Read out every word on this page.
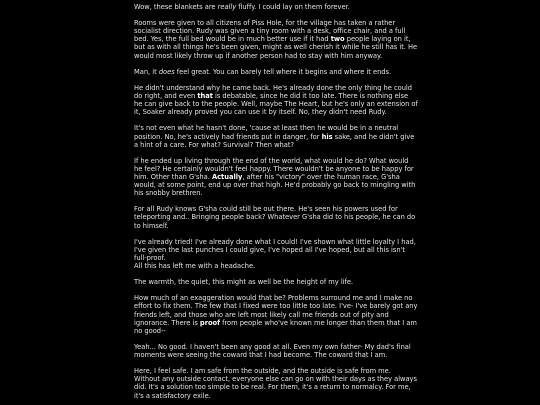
Wow, these blankets are really fluffy. I could lay on them forever.

Rooms were given to all citizens of Piss Hole, for the village has taken a rather socialist direction. Rudy was given a tiny room with a desk, office chair, and a full bed. Yes, the full bed would be in much better use if it had two people laying on it, but as with all things he's been given, might as well cherish it while he still has it. He would most likely throw up if another person had to stay with him anyway.

Man, it does feel great. You can barely tell where it begins and where it ends.

He didn't understand why he came back. He's already done the only thing he could do right, and even that is debatable, since he did it too late. There is nothing else he can give back to the people. Well, maybe The Heart, but he's only an extension of it, Soaker already proved you can use it by itself. No, they didn't need Rudy.

It's not even what he hasn't done, 'cause at least then he would be in a neutral position. No, he's actively had friends put in danger, for his sake, and he didn't give a hint of a care. For what? Survival? Then what?

If he ended up living through the end of the world, what would he do? What would he feel? He certainly wouldn't feel happy. There wouldn't be anyone to be happy for him. Other than G'sha. Actually, after his "victory" over the human race, G'sha would, at some point, end up over that high. He'd probably go back to mingling with his snobby brethren.

For all Rudy knows G'sha could still be out there. He's seen his powers used for teleporting and.. Bringing people back? Whatever G'sha did to his people, he can do to himself.

I've already tried! I've already done what I could! I've shown what little loyalty I had, I've given the last punches I could give, I've hoped all I've hoped, but all this isn't full-proof.
All this has left me with a headache.

The warmth, the quiet, this might as well be the height of my life.

How much of an exaggeration would that be? Problems surround me and I make no effort to fix them. The few that I fixed were too little too late. I've- I've barely got any friends left, and those who are left most likely call me friends out of pity and ignorance. There is proof from people who've known me longer than them that I am no good--

Yeah... No good. I haven't been any good at all. Even my own father- My dad's final moments were seeing the coward that I had become. The coward that I am.

Here, I feel safe. I am safe from the outside, and the outside is safe from me. Without any outside contact, everyone else can go on with their days as they always did. It's a solution too simple to be real. For them, it's a return to normalcy. For me, it's a satisfactory exile.
